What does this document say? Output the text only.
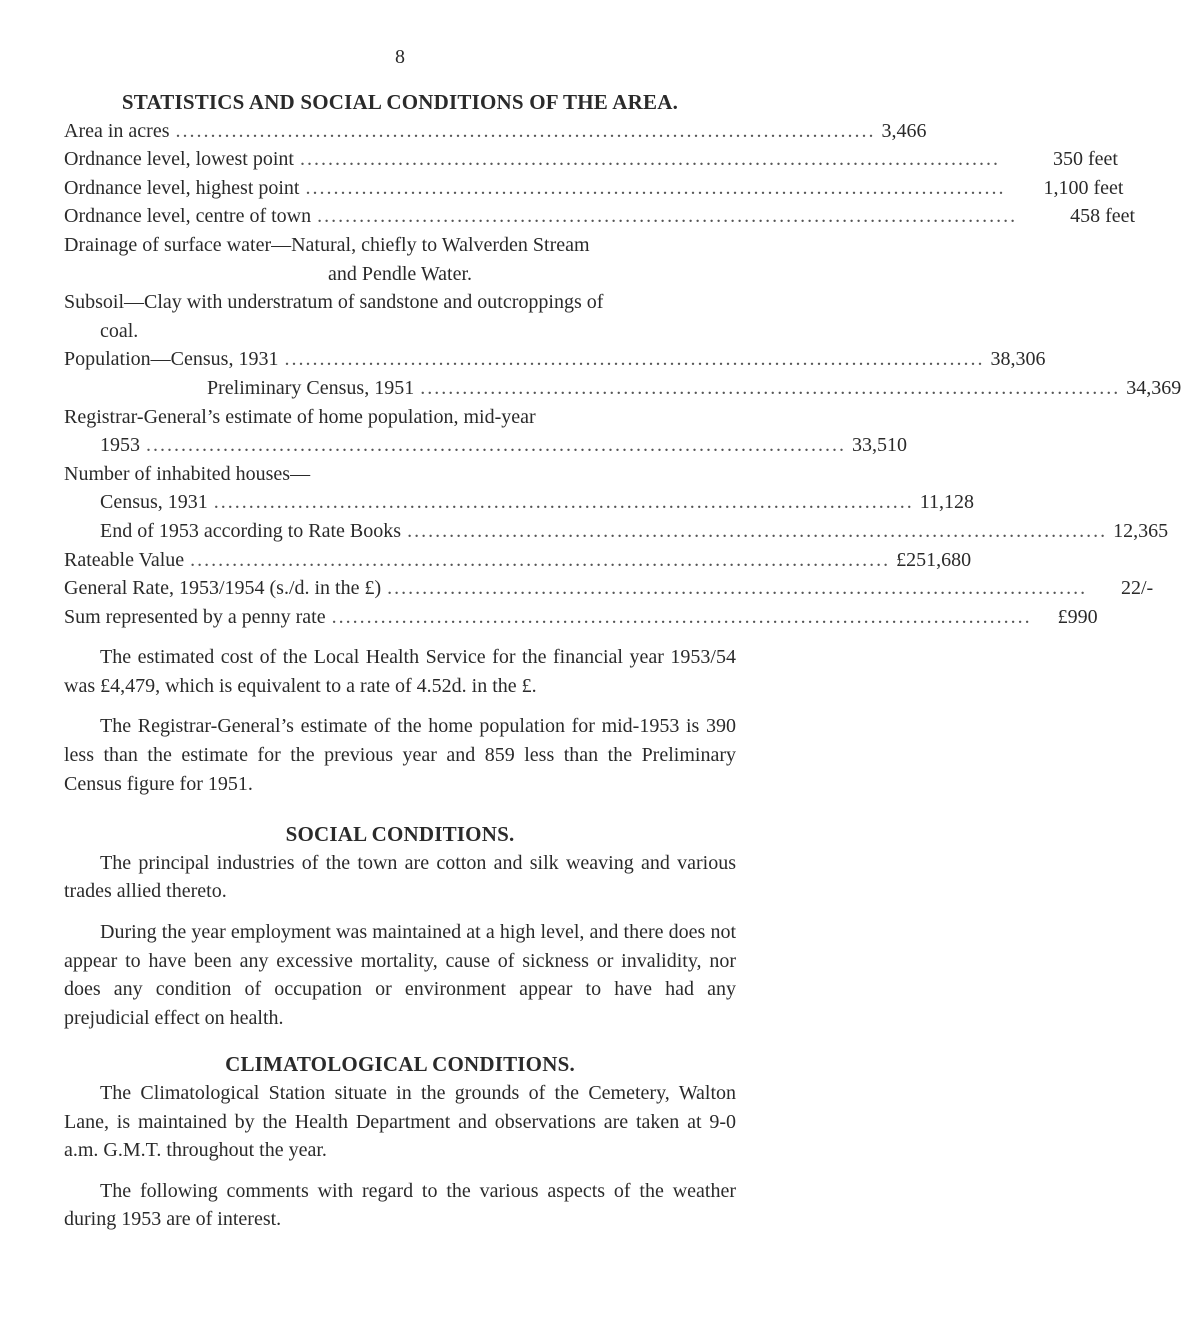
8
STATISTICS AND SOCIAL CONDITIONS OF THE AREA.
Area in acres .................................................................................................... 3,466
Ordnance level, lowest point ....................................................................................................	350 feet
Ordnance level, highest point ....................................................................................................	1,100 feet
Ordnance level, centre of town ....................................................................................................	458 feet
Drainage of surface water—Natural, chiefly to Walverden Stream
and Pendle Water.
Subsoil—Clay with understratum of sandstone and outcroppings of
coal.
Population—Census, 1931 .................................................................................................... 38,306
Preliminary Census, 1951 .................................................................................................... 34,369
Registrar-General’s estimate of home population, mid-year
1953 .................................................................................................... 33,510
Number of inhabited houses—
Census, 1931 .................................................................................................... 11,128
End of 1953 according to Rate Books .................................................................................................... 12,365
Rateable Value .................................................................................................... £251,680
General Rate, 1953/1954 (s./d. in the £) ....................................................................................................	22/-
Sum represented by a penny rate ....................................................................................................	£990

The estimated cost of the Local Health Service for the financial year 1953/54 was £4,479, which is equivalent to a rate of 4.52d. in the £.

The Registrar-General’s estimate of the home population for mid-1953 is 390 less than the estimate for the previous year and 859 less than the Preliminary Census figure for 1951.

SOCIAL CONDITIONS.

The principal industries of the town are cotton and silk weaving and various trades allied thereto.

During the year employment was maintained at a high level, and there does not appear to have been any excessive mortality, cause of sickness or invalidity, nor does any condition of occupation or environment appear to have had any prejudicial effect on health.

CLIMATOLOGICAL CONDITIONS.

The Climatological Station situate in the grounds of the Cemetery, Walton Lane, is maintained by the Health Department and observations are taken at 9-0 a.m. G.M.T. throughout the year.

The following comments with regard to the various aspects of the weather during 1953 are of interest.
